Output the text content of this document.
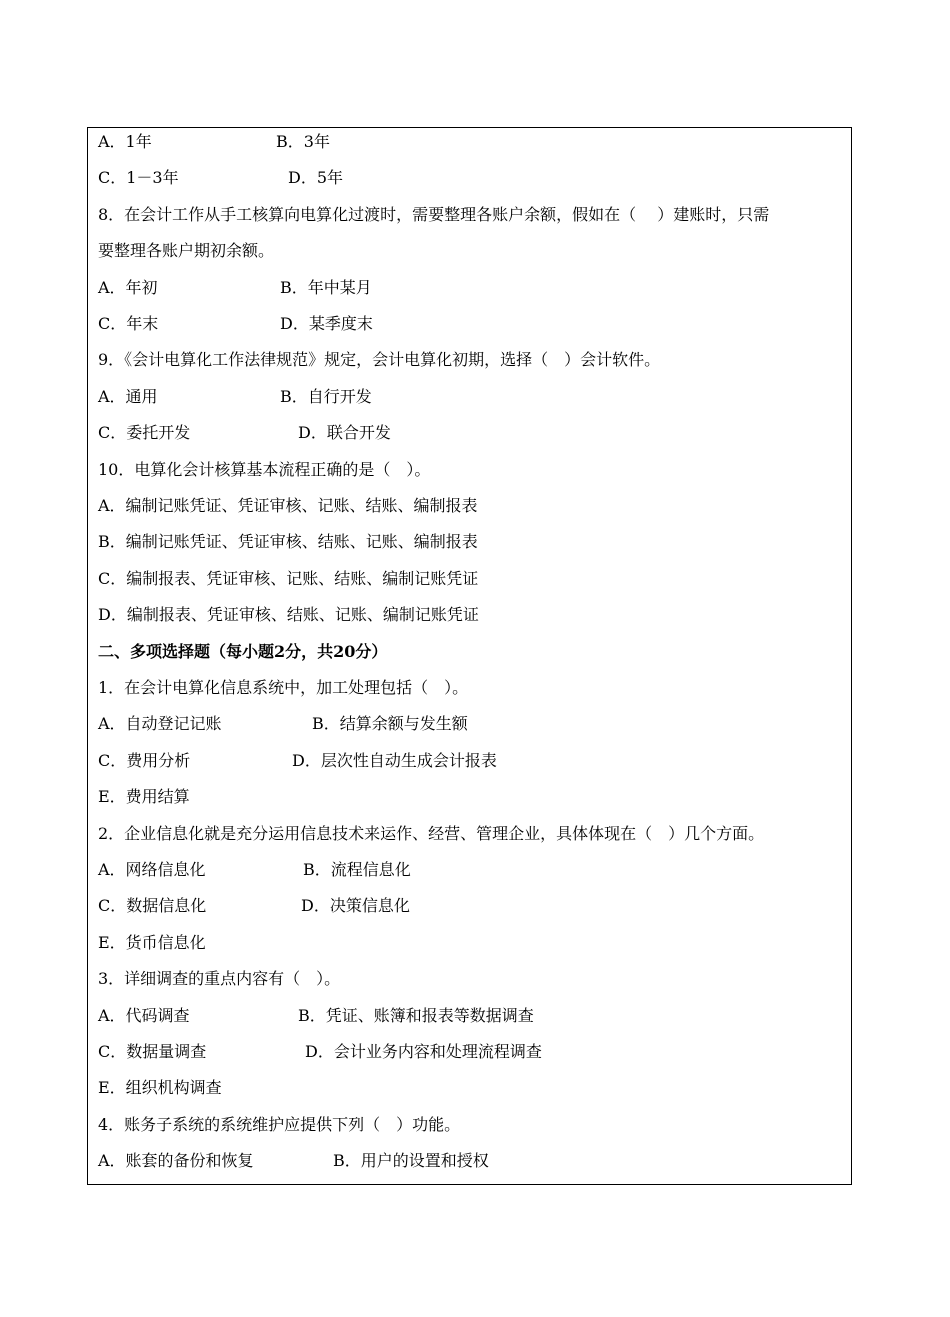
A．1年	B．3年
C．1－3年	D．5年
8．在会计工作从手工核算向电算化过渡时，需要整理各账户余额，假如在（　 ）建账时，只需
要整理各账户期初余额。
A．年初	B．年中某月
C．年末	D．某季度末
9．《会计电算化工作法律规范》规定，会计电算化初期，选择（　）会计软件。
A．通用	B．自行开发
C．委托开发	D．联合开发
10．电算化会计核算基本流程正确的是（　）。
A．编制记账凭证、凭证审核、记账、结账、编制报表
B．编制记账凭证、凭证审核、结账、记账、编制报表
C．编制报表、凭证审核、记账、结账、编制记账凭证
D．编制报表、凭证审核、结账、记账、编制记账凭证
二、多项选择题（每小题2分，共20分）
1．在会计电算化信息系统中，加工处理包括（　）。
A．自动登记记账	B．结算余额与发生额
C．费用分析	D．层次性自动生成会计报表
E．费用结算
2．企业信息化就是充分运用信息技术来运作、经营、管理企业，具体体现在（　）几个方面。
A．网络信息化	B．流程信息化
C．数据信息化	D．决策信息化
E．货币信息化
3．详细调查的重点内容有（　）。
A．代码调查	B．凭证、账簿和报表等数据调查
C．数据量调查	D．会计业务内容和处理流程调查
E．组织机构调查
4．账务子系统的系统维护应提供下列（　）功能。
A．账套的备份和恢复	B．用户的设置和授权
